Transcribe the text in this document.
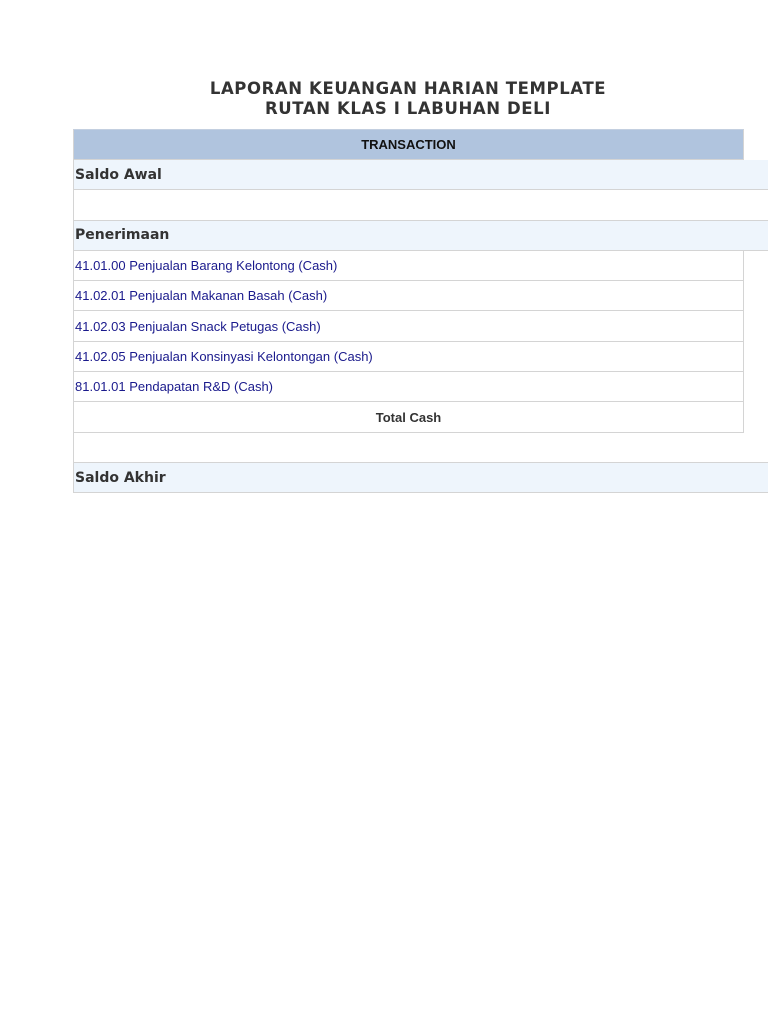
LAPORAN KEUANGAN HARIAN TEMPLATE
RUTAN KLAS I LABUHAN DELI
TRANSACTION
Saldo Awal
Penerimaan
41.01.00 Penjualan Barang Kelontong (Cash)
41.02.01 Penjualan Makanan Basah (Cash)
41.02.03 Penjualan Snack Petugas (Cash)
41.02.05 Penjualan Konsinyasi Kelontongan (Cash)
81.01.01 Pendapatan R&D (Cash)
Total Cash
Saldo Akhir
